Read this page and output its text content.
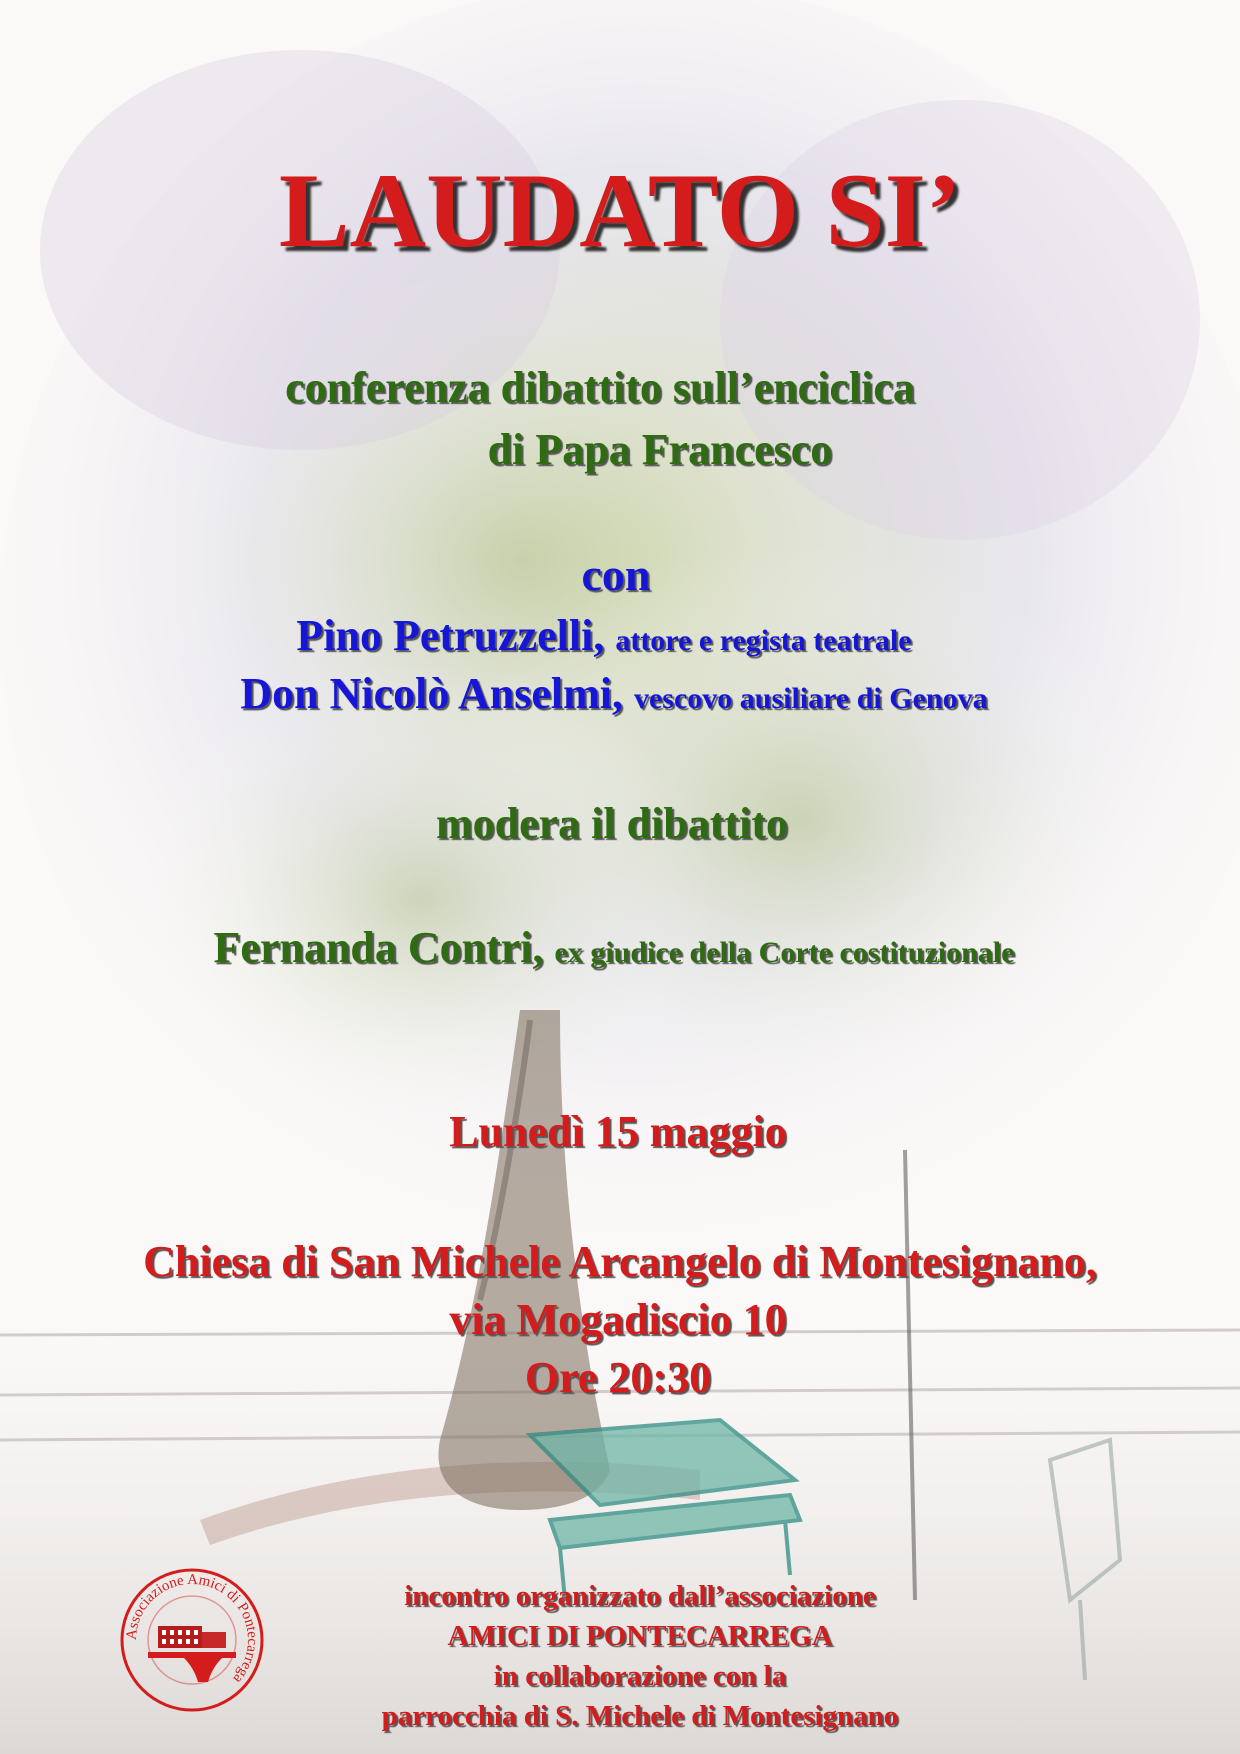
LAUDATO SI’
conferenza dibattito sull’enciclica
di Papa Francesco
con
Pino Petruzzelli, attore e regista teatrale
Don Nicolò Anselmi, vescovo ausiliare di Genova
modera il dibattito
Fernanda Contri, ex giudice della Corte costituzionale
Lunedì 15 maggio
Chiesa di San Michele Arcangelo di Montesignano,
via Mogadiscio 10
Ore 20:30
Associazione Amici di Pontecarrega
incontro organizzato dall’associazione
AMICI DI PONTECARREGA
in collaborazione con la
parrocchia di S. Michele di Montesignano
